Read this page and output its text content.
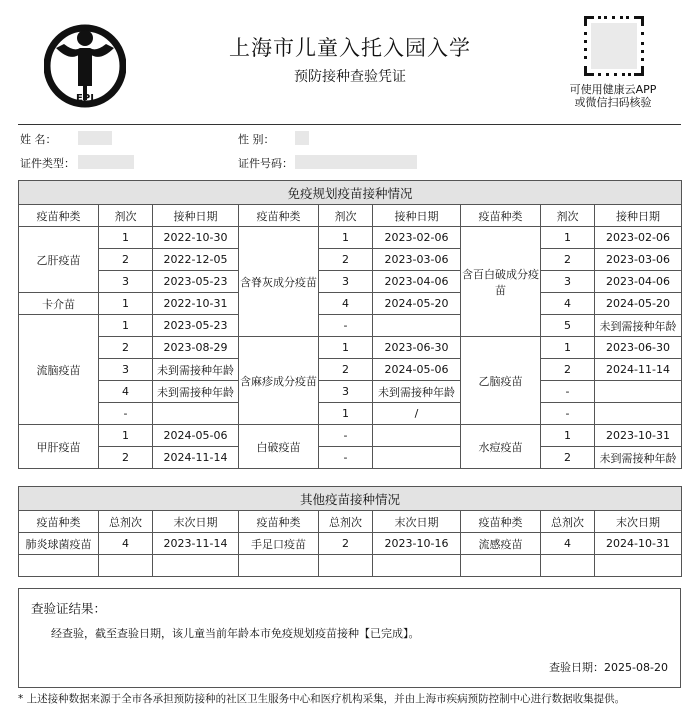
EPI
上海市儿童入托入园入学
预防接种查验凭证
可使用健康云APP
或微信扫码核验
姓 名：	性 别：
证件类型：	证件号码：
免疫规划疫苗接种情况								
疫苗种类	剂次	接种日期	疫苗种类	剂次	接种日期	疫苗种类	剂次	接种日期
乙肝疫苗	1	2022-10-30	含脊灰成分疫苗	1	2023-02-06	含百白破成分疫苗	1	2023-02-06
	2	2022-12-05		2	2023-03-06		2	2023-03-06
	3	2023-05-23		3	2023-04-06		3	2023-04-06
卡介苗	1	2022-10-31		4	2024-05-20		4	2024-05-20
流脑疫苗	1	2023-05-23		-			5	未到需接种年龄
	2	2023-08-29	含麻疹成分疫苗	1	2023-06-30	乙脑疫苗	1	2023-06-30
	3	未到需接种年龄		2	2024-05-06		2	2024-11-14
	4	未到需接种年龄		3	未到需接种年龄		-	
	-			1	/		-	
甲肝疫苗	1	2024-05-06	白破疫苗	-		水痘疫苗	1	2023-10-31
	2	2024-11-14		-			2	未到需接种年龄
其他疫苗接种情况								
疫苗种类	总剂次	末次日期	疫苗种类	总剂次	末次日期	疫苗种类	总剂次	末次日期
肺炎球菌疫苗	4	2023-11-14	手足口疫苗	2	2023-10-16	流感疫苗	4	2024-10-31

查验证结果：
经查验，截至查验日期，该儿童当前年龄本市免疫规划疫苗接种【已完成】。
查验日期：2025-08-20
* 上述接种数据来源于全市各承担预防接种的社区卫生服务中心和医疗机构采集，并由上海市疾病预防控制中心进行数据收集提供。
